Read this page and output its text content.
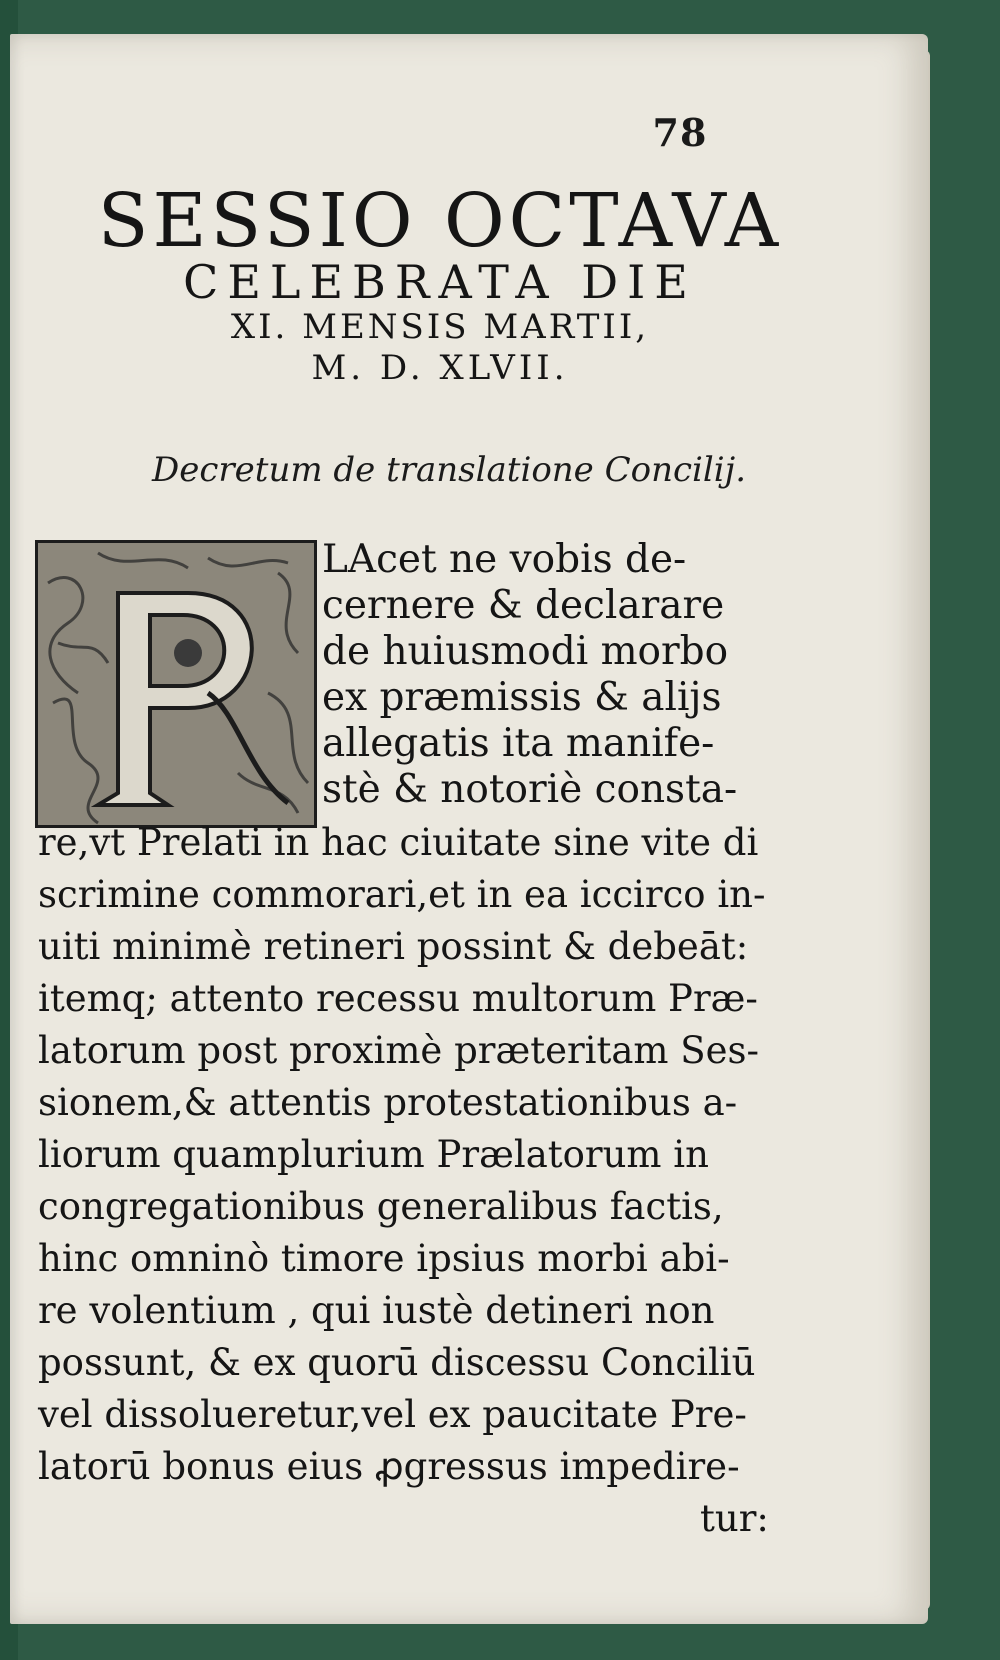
78
SESSIO OCTAVA
CELEBRATA DIE
XI. MENSIS MARTII,
M. D. XLVII.
Decretum de translatione Concilij.
LAcet ne vobis de-
cernere & declarare
de huiusmodi morbo
ex præmissis & alijs
allegatis ita manife-
stè & notoriè consta-
re,vt Prelati in hac ciuitate sine vite di
scrimine commorari,et in ea iccirco in-
uiti minimè retineri possint & debeāt:
itemq; attento recessu multorum Præ-
latorum post proximè præteritam Ses-
sionem,& attentis protestationibus a-
liorum quamplurium Prælatorum in
congregationibus generalibus factis,
hinc omninò timore ipsius morbi abi-
re volentium , qui iustè detineri non
possunt, & ex quorū discessu Conciliū
vel dissolueretur,vel ex paucitate Pre-
latorū bonus eius ꝓgressus impedire-
tur:
